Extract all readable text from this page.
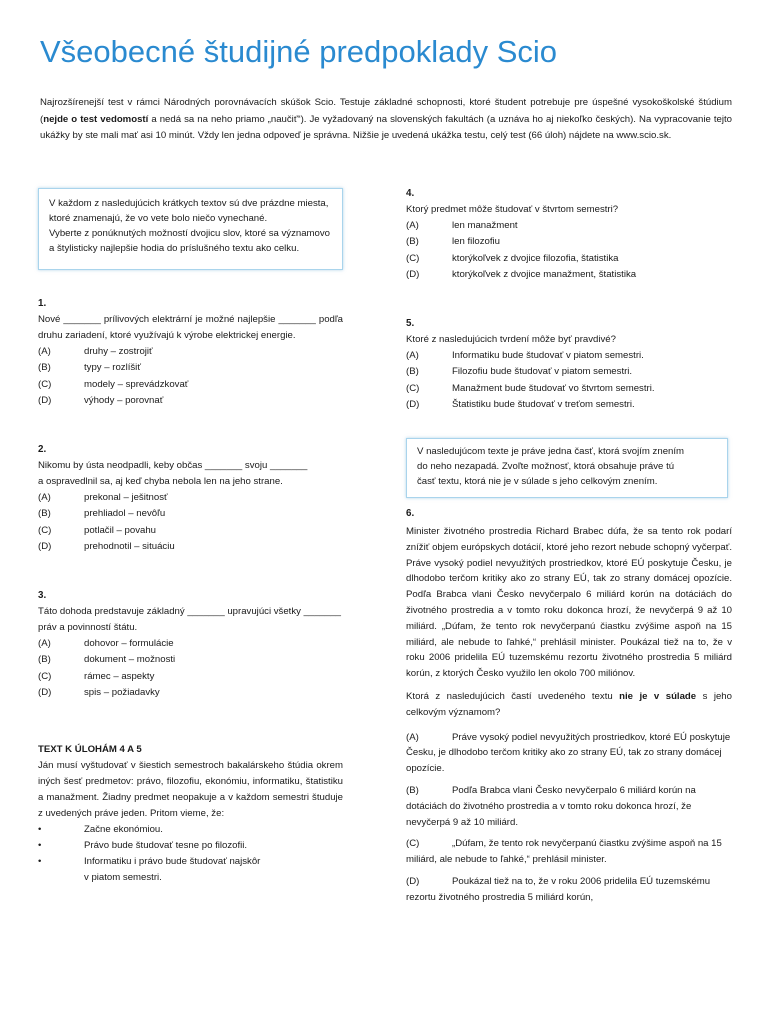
Všeobecné študijné predpoklady Scio
Najrozšírenejší test v rámci Národných porovnávacích skúšok Scio. Testuje základné schopnosti, ktoré študent potrebuje pre úspešné vysokoškolské štúdium (nejde o test vedomostí a nedá sa na neho priamo „naučiť“). Je vyžadovaný na slovenských fakultách (a uznáva ho aj niekoľko českých). Na vypracovanie tejto ukážky by ste mali mať asi 10 minút. Vždy len jedna odpoveď je správna. Nižšie je uvedená ukážka testu, celý test (66 úloh) nájdete na www.scio.sk.
V každom z nasledujúcich krátkych textov sú dve prázdne miesta,
ktoré znamenajú, že vo vete bolo niečo vynechané.
Vyberte z ponúknutých možností dvojicu slov, ktoré sa významovo
a štylisticky najlepšie hodia do príslušného textu ako celku.
1.
Nové _______ prílivových elektrární je možné najlepšie _______ podľa druhu zariadení, ktoré využívajú k výrobe elektrickej energie.
(A)	druhy – zostrojiť
(B)	typy – rozlíšiť
(C)	modely – sprevádzkovať
(D)	výhody – porovnať
2.
Nikomu by ústa neodpadli, keby občas _______ svoju _______
a ospravedlnil sa, aj keď chyba nebola len na jeho strane.
(A)	prekonal – ješitnosť
(B)	prehliadol – nevôľu
(C)	potlačil – povahu
(D)	prehodnotil – situáciu
3.
Táto dohoda predstavuje základný _______ upravujúci všetky _______
práv a povinností štátu.
(A)	dohovor – formulácie
(B)	dokument – možnosti
(C)	rámec – aspekty
(D)	spis – požiadavky
TEXT K ÚLOHÁM 4 A 5
Ján musí vyštudovať v šiestich semestroch bakalárskeho štúdia okrem iných šesť predmetov: právo, filozofiu, ekonómiu, informatiku, štatistiku a manažment. Žiadny predmet neopakuje a v každom semestri študuje z uvedených práve jeden. Pritom vieme, že:
•	Začne ekonómiou.
•	Právo bude študovať tesne po filozofii.
•	Informatiku i právo bude študovať najskôr v piatom semestri.
4.
Ktorý predmet môže študovať v štvrtom semestri?
(A)	len manažment
(B)	len filozofiu
(C)	ktorýkoľvek z dvojice filozofia, štatistika
(D)	ktorýkoľvek z dvojice manažment, štatistika
5.
Ktoré z nasledujúcich tvrdení môže byť pravdivé?
(A)	Informatiku bude študovať v piatom semestri.
(B)	Filozofiu bude študovať v piatom semestri.
(C)	Manažment bude študovať vo štvrtom semestri.
(D)	Štatistiku bude študovať v treťom semestri.
V nasledujúcom texte je práve jedna časť, ktorá svojím znením
do neho nezapadá. Zvoľte možnosť, ktorá obsahuje práve tú
časť textu, ktorá nie je v súlade s jeho celkovým znením.
6.
Minister životného prostredia Richard Brabec dúfa, že sa tento rok podarí znížiť objem európskych dotácií, ktoré jeho rezort nebude schopný vyčerpať. Práve vysoký podiel nevyužitých prostriedkov, ktoré EÚ poskytuje Česku, je dlhodobo terčom kritiky ako zo strany EÚ, tak zo strany domácej opozície. Podľa Brabca vlani Česko nevyčerpalo 6 miliárd korún na dotáciách do životného prostredia a v tomto roku dokonca hrozí, že nevyčerpá 9 až 10 miliárd. „Dúfam, že tento rok nevyčerpanú čiastku zvýšime aspoň na 15 miliárd, ale nebude to ľahké,“ prehlásil minister. Poukázal tiež na to, že v roku 2006 pridelila EÚ tuzemskému rezortu životného prostredia 5 miliárd korún, z ktorých Česko využilo len okolo 700 miliónov.
Ktorá z nasledujúcich častí uvedeného textu nie je v súlade s jeho celkovým významom?
(A)	Práve vysoký podiel nevyužitých prostriedkov, ktoré EÚ poskytuje Česku, je dlhodobo terčom kritiky ako zo strany EÚ, tak zo strany domácej opozície.
(B)	Podľa Brabca vlani Česko nevyčerpalo 6 miliárd korún na dotáciách do životného prostredia a v tomto roku dokonca hrozí, že nevyčerpá 9 až 10 miliárd.
(C)	„Dúfam, že tento rok nevyčerpanú čiastku zvýšime aspoň na 15 miliárd, ale nebude to ľahké,“ prehlásil minister.
(D)	Poukázal tiež na to, že v roku 2006 pridelila EÚ tuzemskému rezortu životného prostredia 5 miliárd korún,
